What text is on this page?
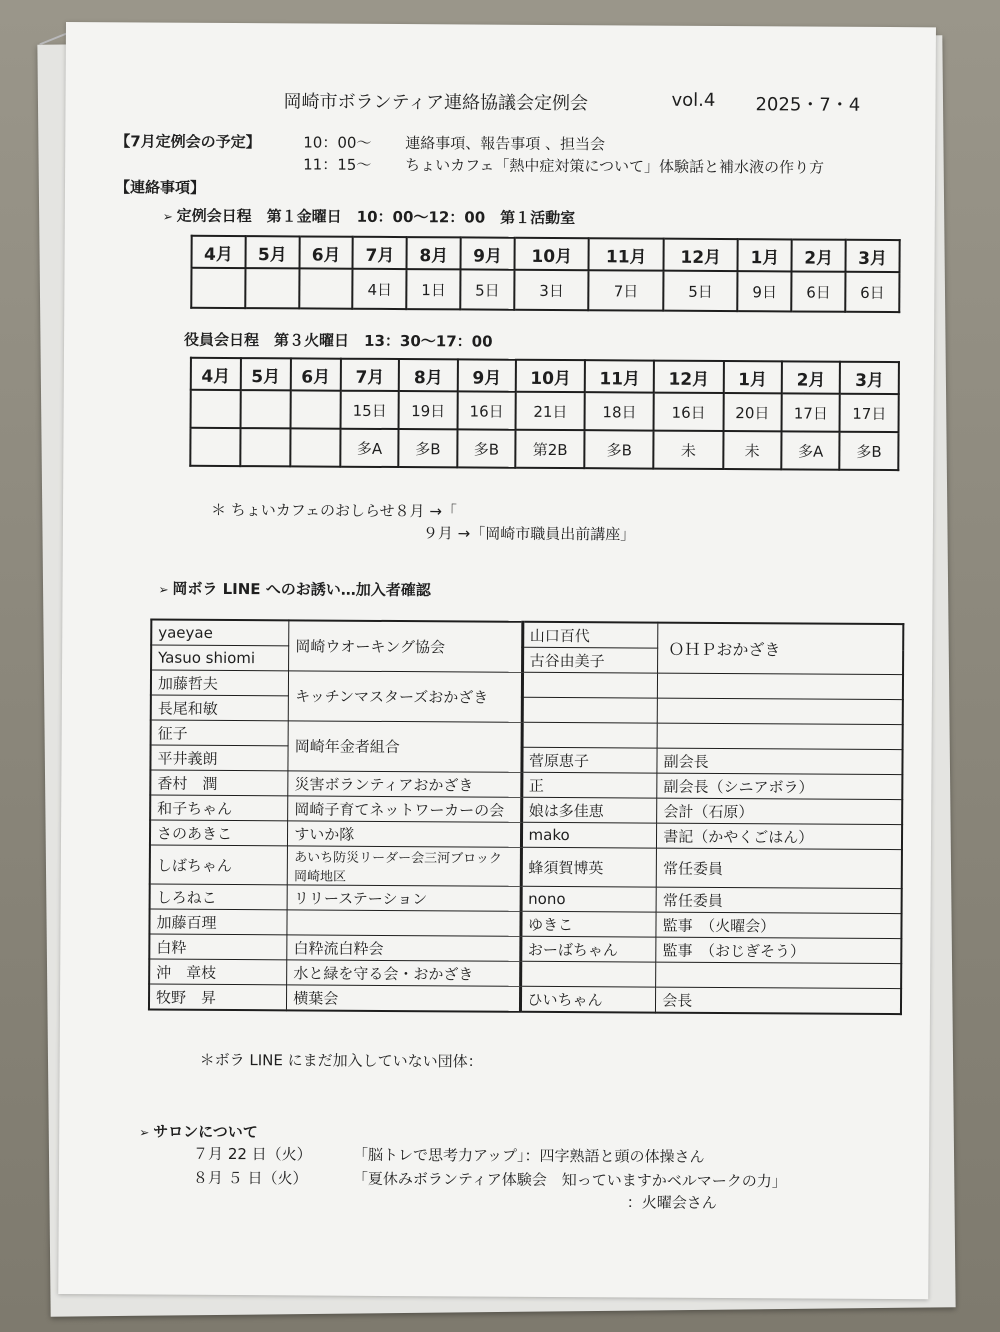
岡崎市ボランティア連絡協議会定例会	vol.4 2025・7・4
【7月定例会の予定】	10：00～ 連絡事項、報告事項 、担当会
11：15～ ちょいカフェ「熱中症対策について」体験話と補水液の作り方
【連絡事項】
➢ 定例会日程　第１金曜日　10：00～12：00　第１活動室
4月	5月	6月	7月	8月	9月	10月	11月	12月	1月	2月	3月
			4日	1日	5日	3日	7日	5日	9日	6日	6日
役員会日程　第３火曜日　13：30～17：00
4月	5月	6月	7月	8月	9月	10月	11月	12月	1月	2月	3月
			15日	19日	16日	21日	18日	16日	20日	17日	17日
			多A	多B	多B	第2B	多B	未	未	多A	多B
＊ ちょいカフェのおしらせ８月 →「
９月 →「岡崎市職員出前講座」
➢ 岡ボラ LINE へのお誘い…加入者確認
yaeyae	岡崎ウオーキング協会	山口百代	ＯＨＰおかざき
Yasuo shiomi		古谷由美子	
加藤哲夫	キッチンマスターズおかざき		
長尾和敏			
征子	岡崎年金者組合		
平井義朗		菅原恵子	副会長
香村　潤	災害ボランティアおかざき	正	副会長（シニアボラ）
和子ちゃん	岡崎子育てネットワーカーの会	娘は多佳恵	会計（石原）
さのあきこ	すいか隊	mako	書記（かやくごはん）
しばちゃん	あいち防災リーダー会三河ブロック岡崎地区	蜂須賀博英	常任委員
しろねこ	リリーステーション	nono	常任委員
加藤百理		ゆきこ	監事　（火曜会）
白粋	白粋流白粋会	おーばちゃん	監事　（おじぎそう）
沖　章枝	水と緑を守る会・おかざき		
牧野　昇	横葉会	ひいちゃん	会長
＊ボラ LINE にまだ加入していない団体：
➢ サロンについて
７月 22 日（火）	「脳トレで思考力アップ」：四字熟語と頭の体操さん
８月 ５ 日（火）	「夏休みボランティア体験会　知っていますかベルマークの力」
：火曜会さん
